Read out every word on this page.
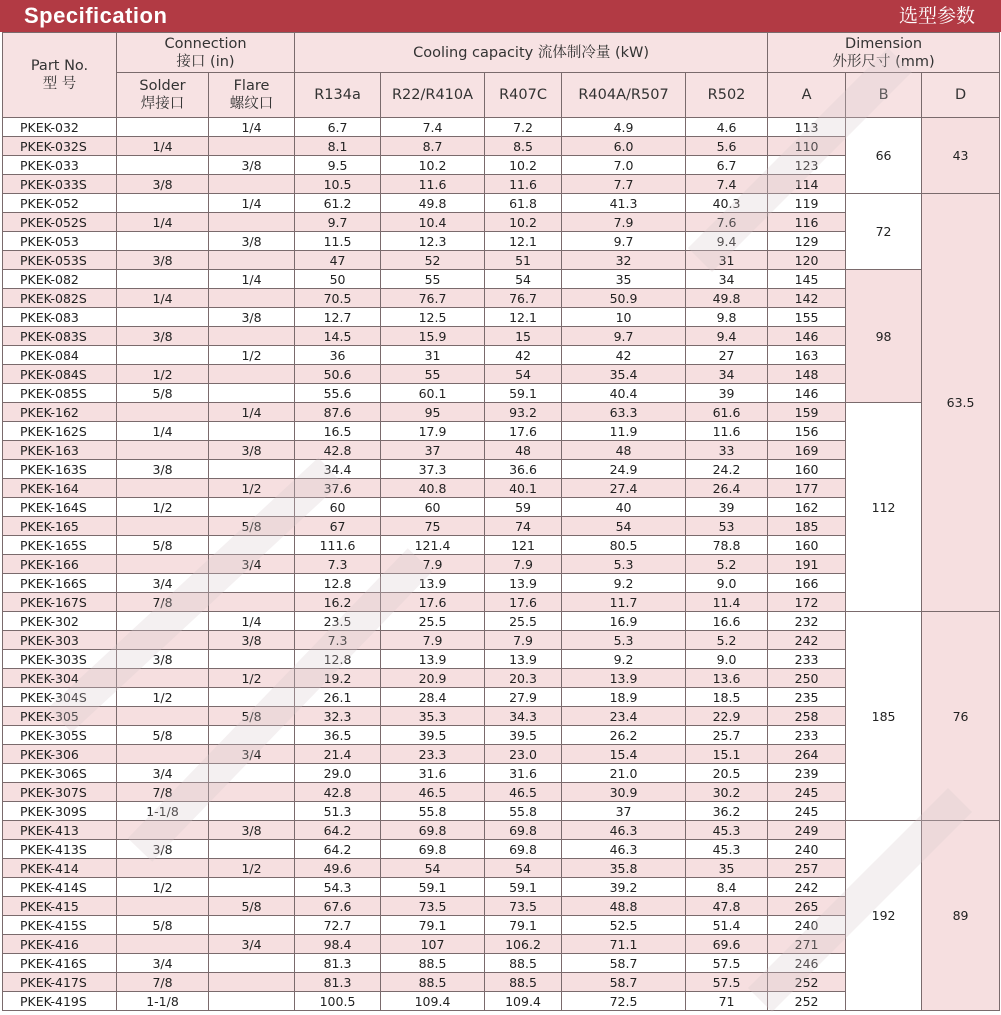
Specification	选型参数
Part No.
型 号	Connection
接口 (in)		Cooling capacity 流体制冷量 (kW)					Dimension
外形尺寸 (mm)		

	Solder
焊接口	Flare
螺纹口	R134a	R22/R410A	R407C	R404A/R507	R502	A	B	D
PKEK-032		1/4	6.7	7.4	7.2	4.9	4.6	113	66	43
PKEK-032S	1/4		8.1	8.7	8.5	6.0	5.6	110		
PKEK-033		3/8	9.5	10.2	10.2	7.0	6.7	123		
PKEK-033S	3/8		10.5	11.6	11.6	7.7	7.4	114		
PKEK-052		1/4	61.2	49.8	61.8	41.3	40.3	119	72	63.5
PKEK-052S	1/4		9.7	10.4	10.2	7.9	7.6	116		
PKEK-053		3/8	11.5	12.3	12.1	9.7	9.4	129		
PKEK-053S	3/8		47	52	51	32	31	120		
PKEK-082		1/4	50	55	54	35	34	145	98	
PKEK-082S	1/4		70.5	76.7	76.7	50.9	49.8	142		
PKEK-083		3/8	12.7	12.5	12.1	10	9.8	155		
PKEK-083S	3/8		14.5	15.9	15	9.7	9.4	146		
PKEK-084		1/2	36	31	42	42	27	163		
PKEK-084S	1/2		50.6	55	54	35.4	34	148		
PKEK-085S	5/8		55.6	60.1	59.1	40.4	39	146		
PKEK-162		1/4	87.6	95	93.2	63.3	61.6	159	112	
PKEK-162S	1/4		16.5	17.9	17.6	11.9	11.6	156		
PKEK-163		3/8	42.8	37	48	48	33	169		
PKEK-163S	3/8		34.4	37.3	36.6	24.9	24.2	160		
PKEK-164		1/2	37.6	40.8	40.1	27.4	26.4	177		
PKEK-164S	1/2		60	60	59	40	39	162		
PKEK-165		5/8	67	75	74	54	53	185		
PKEK-165S	5/8		111.6	121.4	121	80.5	78.8	160		
PKEK-166		3/4	7.3	7.9	7.9	5.3	5.2	191		
PKEK-166S	3/4		12.8	13.9	13.9	9.2	9.0	166		
PKEK-167S	7/8		16.2	17.6	17.6	11.7	11.4	172		
PKEK-302		1/4	23.5	25.5	25.5	16.9	16.6	232	185	76
PKEK-303		3/8	7.3	7.9	7.9	5.3	5.2	242		
PKEK-303S	3/8		12.8	13.9	13.9	9.2	9.0	233		
PKEK-304		1/2	19.2	20.9	20.3	13.9	13.6	250		
PKEK-304S	1/2		26.1	28.4	27.9	18.9	18.5	235		
PKEK-305		5/8	32.3	35.3	34.3	23.4	22.9	258		
PKEK-305S	5/8		36.5	39.5	39.5	26.2	25.7	233		
PKEK-306		3/4	21.4	23.3	23.0	15.4	15.1	264		
PKEK-306S	3/4		29.0	31.6	31.6	21.0	20.5	239		
PKEK-307S	7/8		42.8	46.5	46.5	30.9	30.2	245		
PKEK-309S	1-1/8		51.3	55.8	55.8	37	36.2	245		
PKEK-413		3/8	64.2	69.8	69.8	46.3	45.3	249	192	89
PKEK-413S	3/8		64.2	69.8	69.8	46.3	45.3	240		
PKEK-414		1/2	49.6	54	54	35.8	35	257		
PKEK-414S	1/2		54.3	59.1	59.1	39.2	8.4	242		
PKEK-415		5/8	67.6	73.5	73.5	48.8	47.8	265		
PKEK-415S	5/8		72.7	79.1	79.1	52.5	51.4	240		
PKEK-416		3/4	98.4	107	106.2	71.1	69.6	271		
PKEK-416S	3/4		81.3	88.5	88.5	58.7	57.5	246		
PKEK-417S	7/8		81.3	88.5	88.5	58.7	57.5	252		
PKEK-419S	1-1/8		100.5	109.4	109.4	72.5	71	252		
